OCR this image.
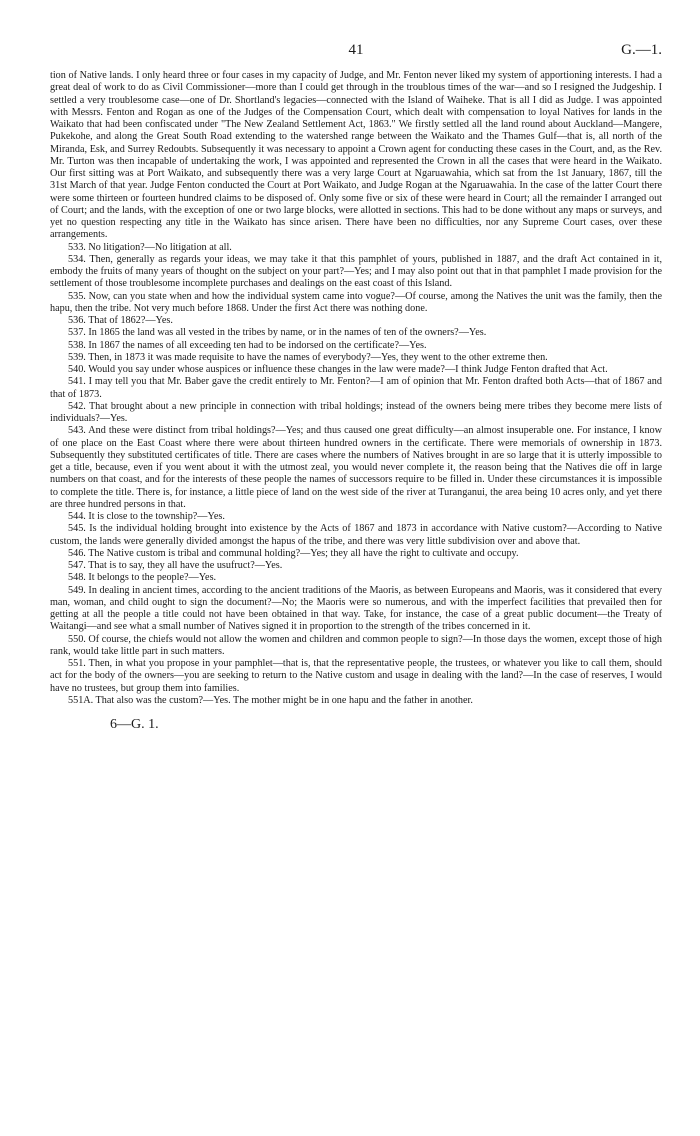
41	G.—1.

tion of Native lands. I only heard three or four cases in my capacity of Judge, and Mr. Fenton never liked my system of apportioning interests. I had a great deal of work to do as Civil Commissioner—more than I could get through in the troublous times of the war—and so I resigned the Judgeship. I settled a very troublesome case—one of Dr. Shortland's legacies—connected with the Island of Waiheke. That is all I did as Judge. I was appointed with Messrs. Fenton and Rogan as one of the Judges of the Compensation Court, which dealt with compensation to loyal Natives for lands in the Waikato that had been confiscated under "The New Zealand Settlement Act, 1863." We firstly settled all the land round about Auckland—Mangere, Pukekohe, and along the Great South Road extending to the watershed range between the Waikato and the Thames Gulf—that is, all north of the Miranda, Esk, and Surrey Redoubts. Subsequently it was necessary to appoint a Crown agent for conducting these cases in the Court, and, as the Rev. Mr. Turton was then incapable of undertaking the work, I was appointed and represented the Crown in all the cases that were heard in the Waikato. Our first sitting was at Port Waikato, and subsequently there was a very large Court at Ngaruawahia, which sat from the 1st January, 1867, till the 31st March of that year. Judge Fenton conducted the Court at Port Waikato, and Judge Rogan at the Ngaruawahia. In the case of the latter Court there were some thirteen or fourteen hundred claims to be disposed of. Only some five or six of these were heard in Court; all the remainder I arranged out of Court; and the lands, with the exception of one or two large blocks, were allotted in sections. This had to be done without any maps or surveys, and yet no question respecting any title in the Waikato has since arisen. There have been no difficulties, nor any Supreme Court cases, over these arrangements.

533. No litigation?—No litigation at all.

534. Then, generally as regards your ideas, we may take it that this pamphlet of yours, published in 1887, and the draft Act contained in it, embody the fruits of many years of thought on the subject on your part?—Yes; and I may also point out that in that pamphlet I made provision for the settlement of those troublesome incomplete purchases and dealings on the east coast of this Island.

535. Now, can you state when and how the individual system came into vogue?—Of course, among the Natives the unit was the family, then the hapu, then the tribe. Not very much before 1868. Under the first Act there was nothing done.

536. That of 1862?—Yes.

537. In 1865 the land was all vested in the tribes by name, or in the names of ten of the owners?—Yes.

538. In 1867 the names of all exceeding ten had to be indorsed on the certificate?—Yes.

539. Then, in 1873 it was made requisite to have the names of everybody?—Yes, they went to the other extreme then.

540. Would you say under whose auspices or influence these changes in the law were made?—I think Judge Fenton drafted that Act.

541. I may tell you that Mr. Baber gave the credit entirely to Mr. Fenton?—I am of opinion that Mr. Fenton drafted both Acts—that of 1867 and that of 1873.

542. That brought about a new principle in connection with tribal holdings; instead of the owners being mere tribes they become mere lists of individuals?—Yes.

543. And these were distinct from tribal holdings?—Yes; and thus caused one great difficulty—an almost insuperable one. For instance, I know of one place on the East Coast where there were about thirteen hundred owners in the certificate. There were memorials of ownership in 1873. Subsequently they substituted certificates of title. There are cases where the numbers of Natives brought in are so large that it is utterly impossible to get a title, because, even if you went about it with the utmost zeal, you would never complete it, the reason being that the Natives die off in large numbers on that coast, and for the interests of these people the names of successors require to be filled in. Under these circumstances it is impossible to complete the title. There is, for instance, a little piece of land on the west side of the river at Turanganui, the area being 10 acres only, and yet there are three hundred persons in that.

544. It is close to the township?—Yes.

545. Is the individual holding brought into existence by the Acts of 1867 and 1873 in accordance with Native custom?—According to Native custom, the lands were generally divided amongst the hapus of the tribe, and there was very little subdivision over and above that.

546. The Native custom is tribal and communal holding?—Yes; they all have the right to cultivate and occupy.

547. That is to say, they all have the usufruct?—Yes.

548. It belongs to the people?—Yes.

549. In dealing in ancient times, according to the ancient traditions of the Maoris, as between Europeans and Maoris, was it considered that every man, woman, and child ought to sign the document?—No; the Maoris were so numerous, and with the imperfect facilities that prevailed then for getting at all the people a title could not have been obtained in that way. Take, for instance, the case of a great public document—the Treaty of Waitangi—and see what a small number of Natives signed it in proportion to the strength of the tribes concerned in it.

550. Of course, the chiefs would not allow the women and children and common people to sign?—In those days the women, except those of high rank, would take little part in such matters.

551. Then, in what you propose in your pamphlet—that is, that the representative people, the trustees, or whatever you like to call them, should act for the body of the owners—you are seeking to return to the Native custom and usage in dealing with the land?—In the case of reserves, I would have no trustees, but group them into families.

551A. That also was the custom?—Yes. The mother might be in one hapu and the father in another.

6—G. 1.
